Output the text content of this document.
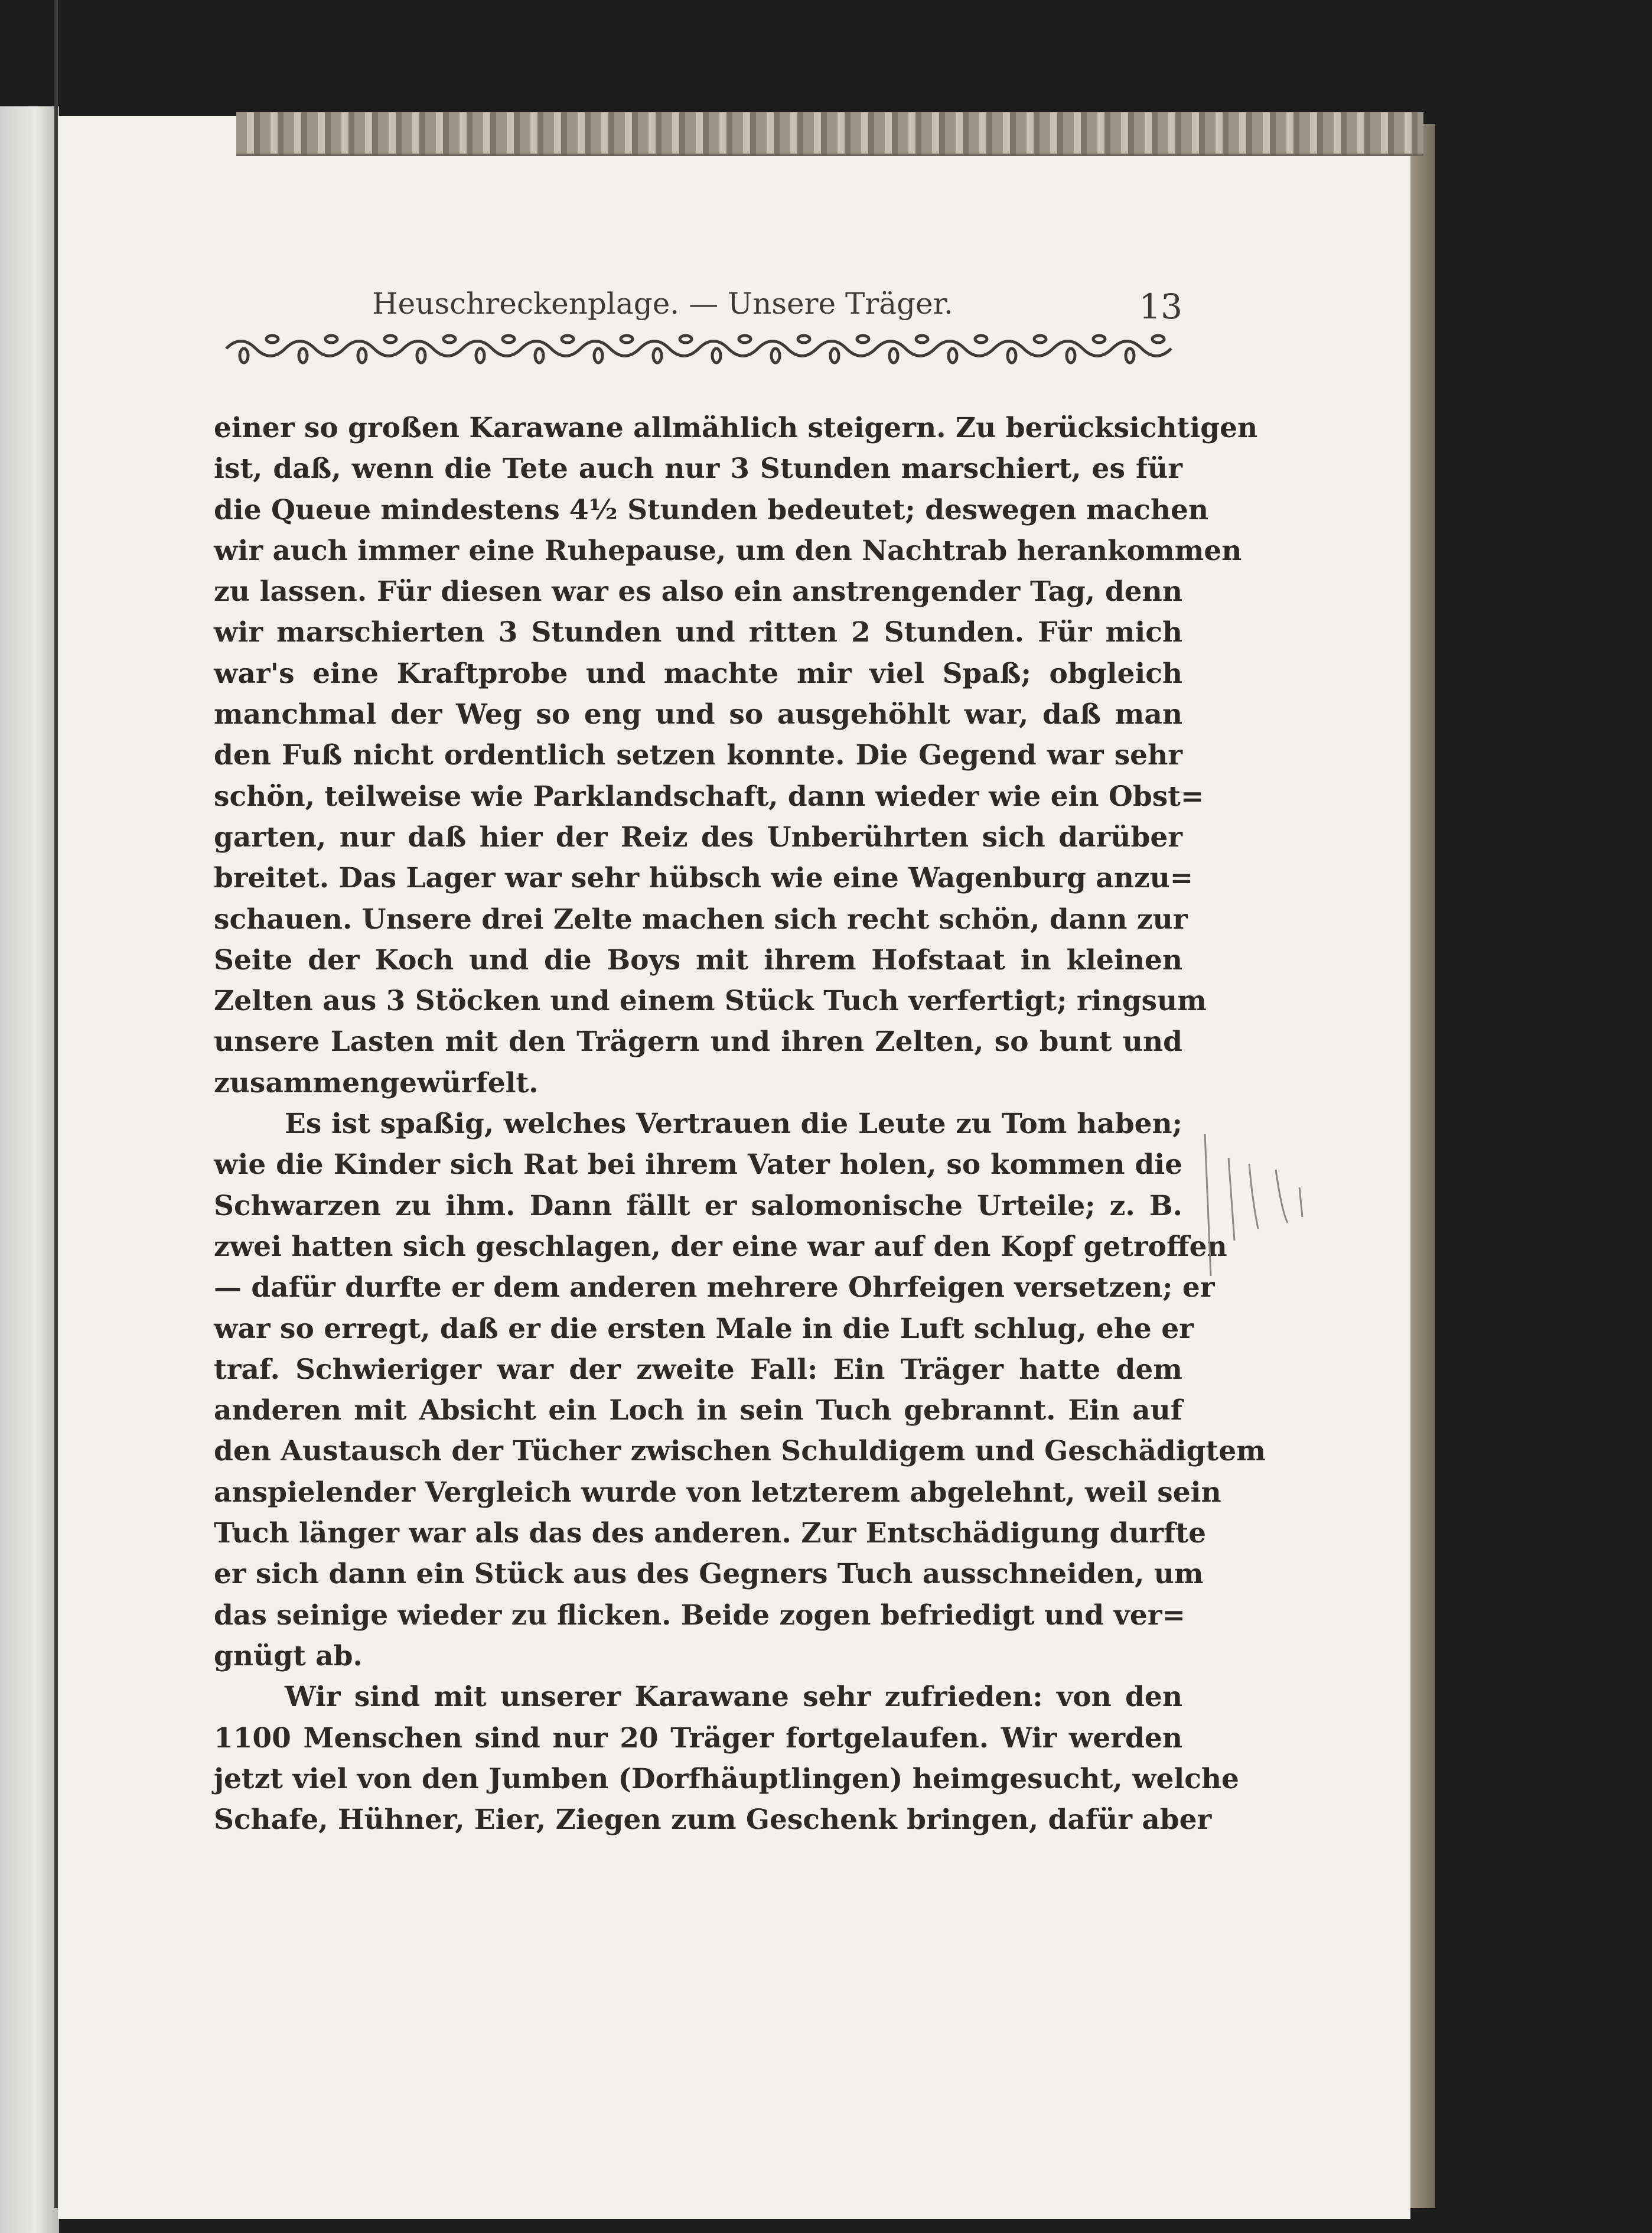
Heuschreckenplage. — Unsere Träger.	13
einer so großen Karawane allmählich steigern. Zu berücksichtigen
ist, daß, wenn die Tete auch nur 3 Stunden marschiert, es für
die Queue mindestens 4½ Stunden bedeutet; deswegen machen
wir auch immer eine Ruhepause, um den Nachtrab herankommen
zu lassen. Für diesen war es also ein anstrengender Tag, denn
wir marschierten 3 Stunden und ritten 2 Stunden. Für mich
war's eine Kraftprobe und machte mir viel Spaß; obgleich
manchmal der Weg so eng und so ausgehöhlt war, daß man
den Fuß nicht ordentlich setzen konnte. Die Gegend war sehr
schön, teilweise wie Parklandschaft, dann wieder wie ein Obst=
garten, nur daß hier der Reiz des Unberührten sich darüber
breitet. Das Lager war sehr hübsch wie eine Wagenburg anzu=
schauen. Unsere drei Zelte machen sich recht schön, dann zur
Seite der Koch und die Boys mit ihrem Hofstaat in kleinen
Zelten aus 3 Stöcken und einem Stück Tuch verfertigt; ringsum
unsere Lasten mit den Trägern und ihren Zelten, so bunt und
zusammengewürfelt.
Es ist spaßig, welches Vertrauen die Leute zu Tom haben;
wie die Kinder sich Rat bei ihrem Vater holen, so kommen die
Schwarzen zu ihm. Dann fällt er salomonische Urteile; z. B.
zwei hatten sich geschlagen, der eine war auf den Kopf getroffen
— dafür durfte er dem anderen mehrere Ohrfeigen versetzen; er
war so erregt, daß er die ersten Male in die Luft schlug, ehe er
traf. Schwieriger war der zweite Fall: Ein Träger hatte dem
anderen mit Absicht ein Loch in sein Tuch gebrannt. Ein auf
den Austausch der Tücher zwischen Schuldigem und Geschädigtem
anspielender Vergleich wurde von letzterem abgelehnt, weil sein
Tuch länger war als das des anderen. Zur Entschädigung durfte
er sich dann ein Stück aus des Gegners Tuch ausschneiden, um
das seinige wieder zu flicken. Beide zogen befriedigt und ver=
gnügt ab.
Wir sind mit unserer Karawane sehr zufrieden: von den
1100 Menschen sind nur 20 Träger fortgelaufen. Wir werden
jetzt viel von den Jumben (Dorfhäuptlingen) heimgesucht, welche
Schafe, Hühner, Eier, Ziegen zum Geschenk bringen, dafür aber
